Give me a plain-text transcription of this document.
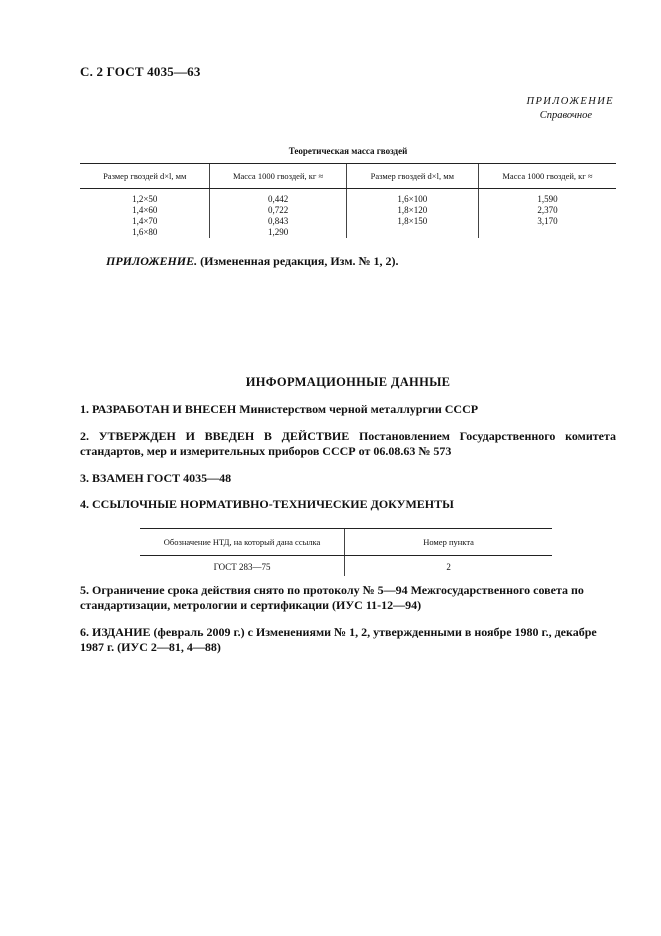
С. 2 ГОСТ 4035—63
ПРИЛОЖЕНИЕ
Справочное
Теоретическая масса гвоздей
Размер гвоздей d×l, мм	Масса 1000 гвоздей, кг ≈	Размер гвоздей d×l, мм	Масса 1000 гвоздей, кг ≈
1,2×50	0,442	1,6×100	1,590
1,4×60	0,722	1,8×120	2,370
1,4×70	0,843	1,8×150	3,170
1,6×80	1,290		
ПРИЛОЖЕНИЕ. (Измененная редакция, Изм. № 1, 2).
ИНФОРМАЦИОННЫЕ ДАННЫЕ
1. РАЗРАБОТАН И ВНЕСЕН Министерством черной металлургии СССР
2. УТВЕРЖДЕН И ВВЕДЕН В ДЕЙСТВИЕ Постановлением Государственного комитета стандартов, мер и измерительных приборов СССР от 06.08.63 № 573
3. ВЗАМЕН ГОСТ 4035—48
4. ССЫЛОЧНЫЕ НОРМАТИВНО-ТЕХНИЧЕСКИЕ ДОКУМЕНТЫ
Обозначение НТД, на который дана ссылка	Номер пункта
ГОСТ 283—75	2
5. Ограничение срока действия снято по протоколу № 5—94 Межгосударственного совета по стандартизации, метрологии и сертификации (ИУС 11-12—94)
6. ИЗДАНИЕ (февраль 2009 г.) с Изменениями № 1, 2, утвержденными в ноябре 1980 г., декабре 1987 г. (ИУС 2—81, 4—88)
